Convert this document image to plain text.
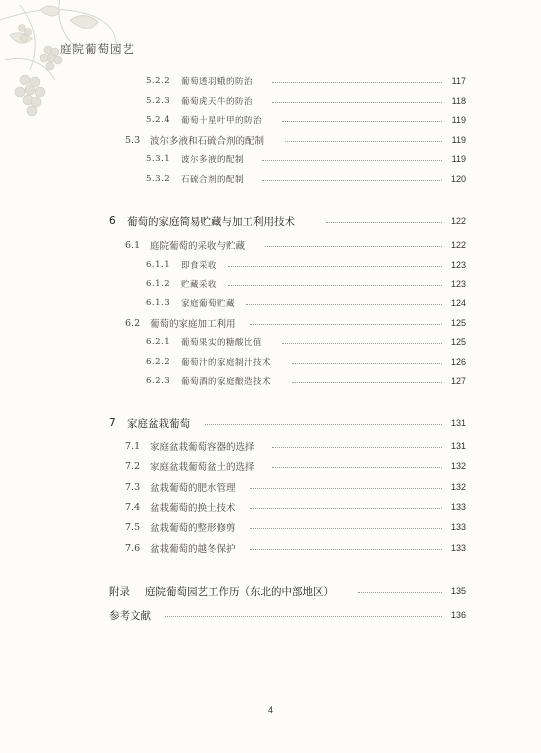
庭院葡萄园艺
5.2.2 葡萄透羽蛾的防治	117
5.2.3 葡萄虎天牛的防治	118
5.2.4 葡萄十星叶甲的防治	119
5.3 波尔多液和石硫合剂的配制	119
5.3.1 波尔多液的配制	119
5.3.2 石硫合剂的配制	120
6 葡萄的家庭简易贮藏与加工利用技术	122
6.1 庭院葡萄的采收与贮藏	122
6.1.1 即食采收	123
6.1.2 贮藏采收	123
6.1.3 家庭葡萄贮藏	124
6.2 葡萄的家庭加工利用	125
6.2.1 葡萄果实的糖酸比值	125
6.2.2 葡萄汁的家庭制汁技术	126
6.2.3 葡萄酒的家庭酿造技术	127
7 家庭盆栽葡萄	131
7.1 家庭盆栽葡萄容器的选择	131
7.2 家庭盆栽葡萄盆土的选择	132
7.3 盆栽葡萄的肥水管理	132
7.4 盆栽葡萄的换土技术	133
7.5 盆栽葡萄的整形修剪	133
7.6 盆栽葡萄的越冬保护	133
附录 庭院葡萄园艺工作历（东北的中部地区）	135
参考文献	136
4
